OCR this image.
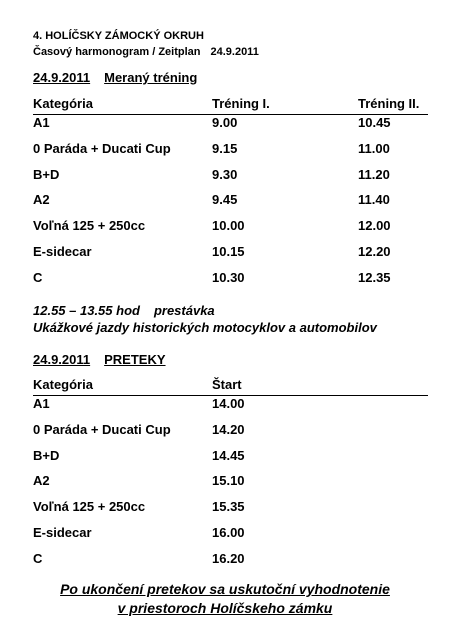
4. HOLÍČSKY ZÁMOCKÝ OKRUH
Časový harmonogram / Zeitplan 24.9.2011
24.9.2011 Meraný tréning
Kategória	Tréning I.	Tréning II.
A1	9.00	10.45
0 Paráda + Ducati Cup	9.15	11.00
B+D	9.30	11.20
A2	9.45	11.40
Voľná 125 + 250cc	10.00	12.00
E-sidecar	10.15	12.20
C	10.30	12.35
12.55 – 13.55 hod prestávka
Ukážkové jazdy historických motocyklov a automobilov
24.9.2011 PRETEKY
Kategória	Štart
A1	14.00
0 Paráda + Ducati Cup	14.20
B+D	14.45
A2	15.10
Voľná 125 + 250cc	15.35
E-sidecar	16.00
C	16.20
Po ukončení pretekov sa uskutoční vyhodnotenie
v priestoroch Holíčskeho zámku
